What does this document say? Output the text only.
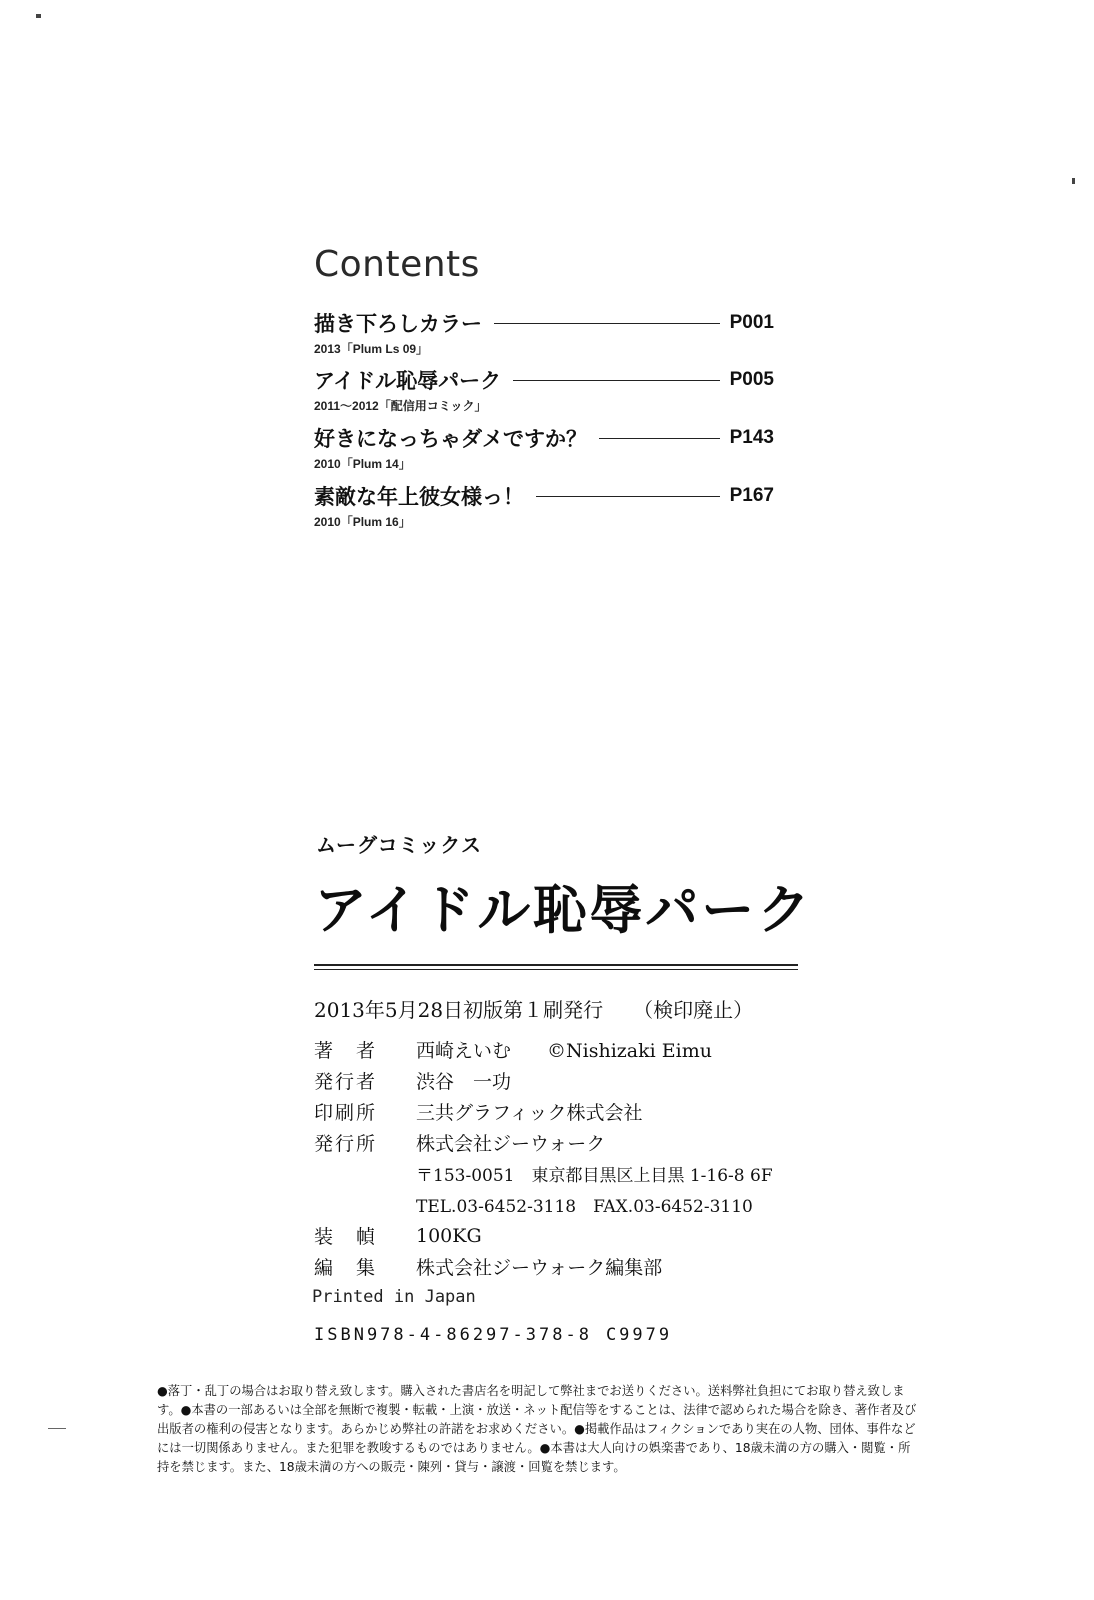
Contents
描き下ろしカラー	P001
2013「Plum Ls 09」
アイドル恥辱パーク	P005
2011～2012「配信用コミック」
好きになっちゃダメですか？	P143
2010「Plum 14」
素敵な年上彼女様っ！	P167
2010「Plum 16」
ムーグコミックス
アイドル恥辱パーク
2013年5月28日初版第１刷発行 （検印廃止）
著　者	西崎えいむ ©Nishizaki Eimu
発行者	渋谷　一功
印刷所	三共グラフィック株式会社
発行所	株式会社ジーウォーク
〒153-0051　東京都目黒区上目黒 1-16-8 6F
TEL.03-6452-3118　FAX.03-6452-3110
装　幀	100KG
編　集	株式会社ジーウォーク編集部
Printed in Japan
ISBN978-4-86297-378-8 C9979

●落丁・乱丁の場合はお取り替え致します。購入された書店名を明記して弊社までお送りください。送料弊社負担にてお取り替え致します。●本書の一部あるいは全部を無断で複製・転載・上演・放送・ネット配信等をすることは、法律で認められた場合を除き、著作者及び出版者の権利の侵害となります。あらかじめ弊社の許諾をお求めください。●掲載作品はフィクションであり実在の人物、団体、事件などには一切関係ありません。また犯罪を教唆するものではありません。●本書は大人向けの娯楽書であり、18歳未満の方の購入・閲覧・所持を禁じます。また、18歳未満の方への販売・陳列・貸与・譲渡・回覧を禁じます。
